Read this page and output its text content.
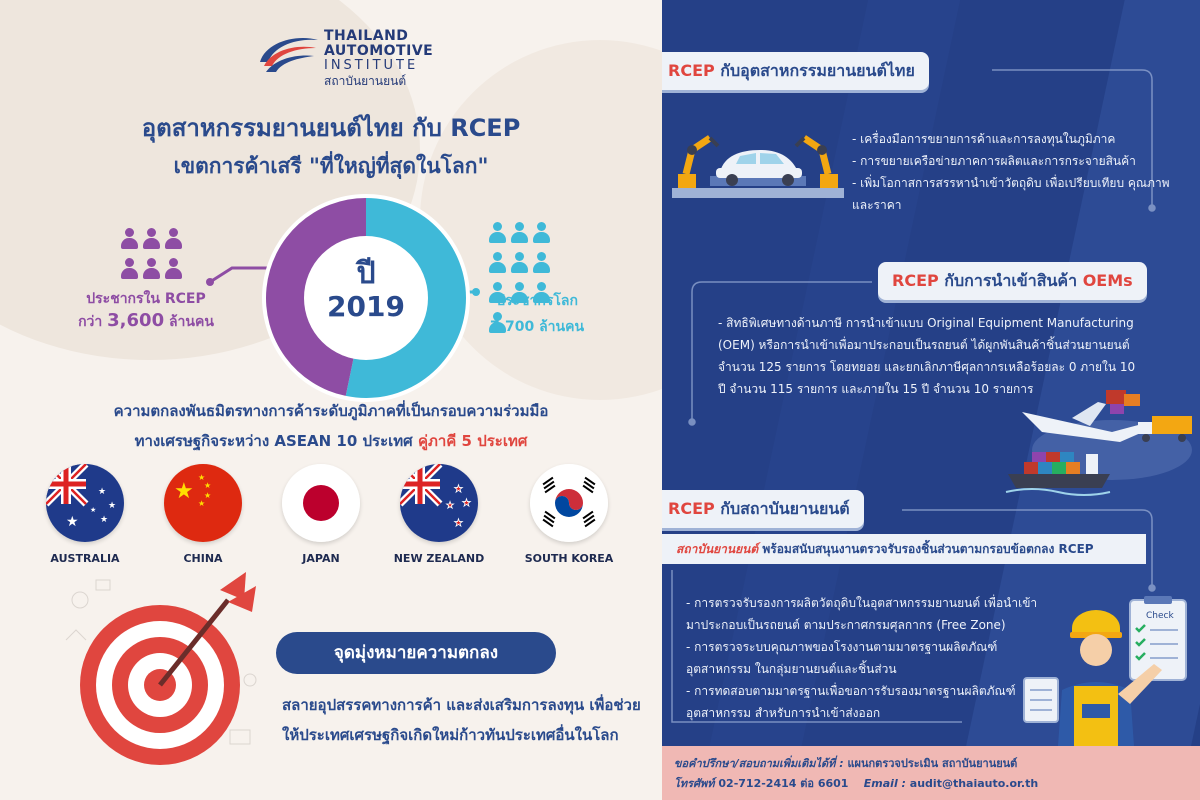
THAILAND
AUTOMOTIVE
INSTITUTE
สถาบันยานยนต์
อุตสาหกรรมยานยนต์ไทย กับ RCEP
เขตการค้าเสรี "ที่ใหญ่ที่สุดในโลก"
ปี
2019
ประชากรใน RCEP
กว่า 3,600 ล้านคน
ประชากรโลก
7,700 ล้านคน
ความตกลงพันธมิตรทางการค้าระดับภูมิภาคที่เป็นกรอบความร่วมมือ
ทางเศรษฐกิจระหว่าง ASEAN 10 ประเทศ คู่ภาคี 5 ประเทศ
★
★
★
★
★
AUSTRALIA
★
★
★
★
★
CHINA	JAPAN
★
★
★
★
NEW ZEALAND	SOUTH KOREA
จุดมุ่งหมายความตกลง
สลายอุปสรรคทางการค้า และส่งเสริมการลงทุน เพื่อช่วยให้ประเทศเศรษฐกิจเกิดใหม่ก้าวทันประเทศอื่นในโลก
RCEP กับอุตสาหกรรมยานยนต์ไทย
- เครื่องมือการขยายการค้าและการลงทุนในภูมิภาค
- การขยายเครือข่ายภาคการผลิตและการกระจายสินค้า
- เพิ่มโอกาสการสรรหานำเข้าวัตถุดิบ เพื่อเปรียบเทียบ คุณภาพและราคา
RCEP กับการนำเข้าสินค้า OEMs
- สิทธิพิเศษทางด้านภาษี การนำเข้าแบบ Original Equipment Manufacturing (OEM) หรือการนำเข้าเพื่อมาประกอบเป็นรถยนต์ ได้ผูกพันสินค้าชิ้นส่วนยานยนต์ จำนวน 125 รายการ โดยทยอย และยกเลิกภาษีศุลกากรเหลือร้อยละ 0 ภายใน 10 ปี จำนวน 115 รายการ และภายใน 15 ปี จำนวน 10 รายการ
RCEP กับสถาบันยานยนต์
สถาบันยานยนต์ พร้อมสนับสนุนงานตรวจรับรองชิ้นส่วนตามกรอบข้อตกลง RCEP
- การตรวจรับรองการผลิตวัตถุดิบในอุตสาหกรรมยานยนต์ เพื่อนำเข้ามาประกอบเป็นรถยนต์ ตามประกาศกรมศุลกากร (Free Zone)
- การตรวจระบบคุณภาพของโรงงานตามมาตรฐานผลิตภัณฑ์ อุตสาหกรรม ในกลุ่มยานยนต์และชิ้นส่วน
- การทดสอบตามมาตรฐานเพื่อขอการรับรองมาตรฐานผลิตภัณฑ์ อุตสาหกรรม สำหรับการนำเข้าส่งออก
Check
ขอคำปรึกษา/สอบถามเพิ่มเติมได้ที่ : แผนกตรวจประเมิน สถาบันยานยนต์
โทรศัพท์ 02-712-2414 ต่อ 6601 Email : audit@thaiauto.or.th
